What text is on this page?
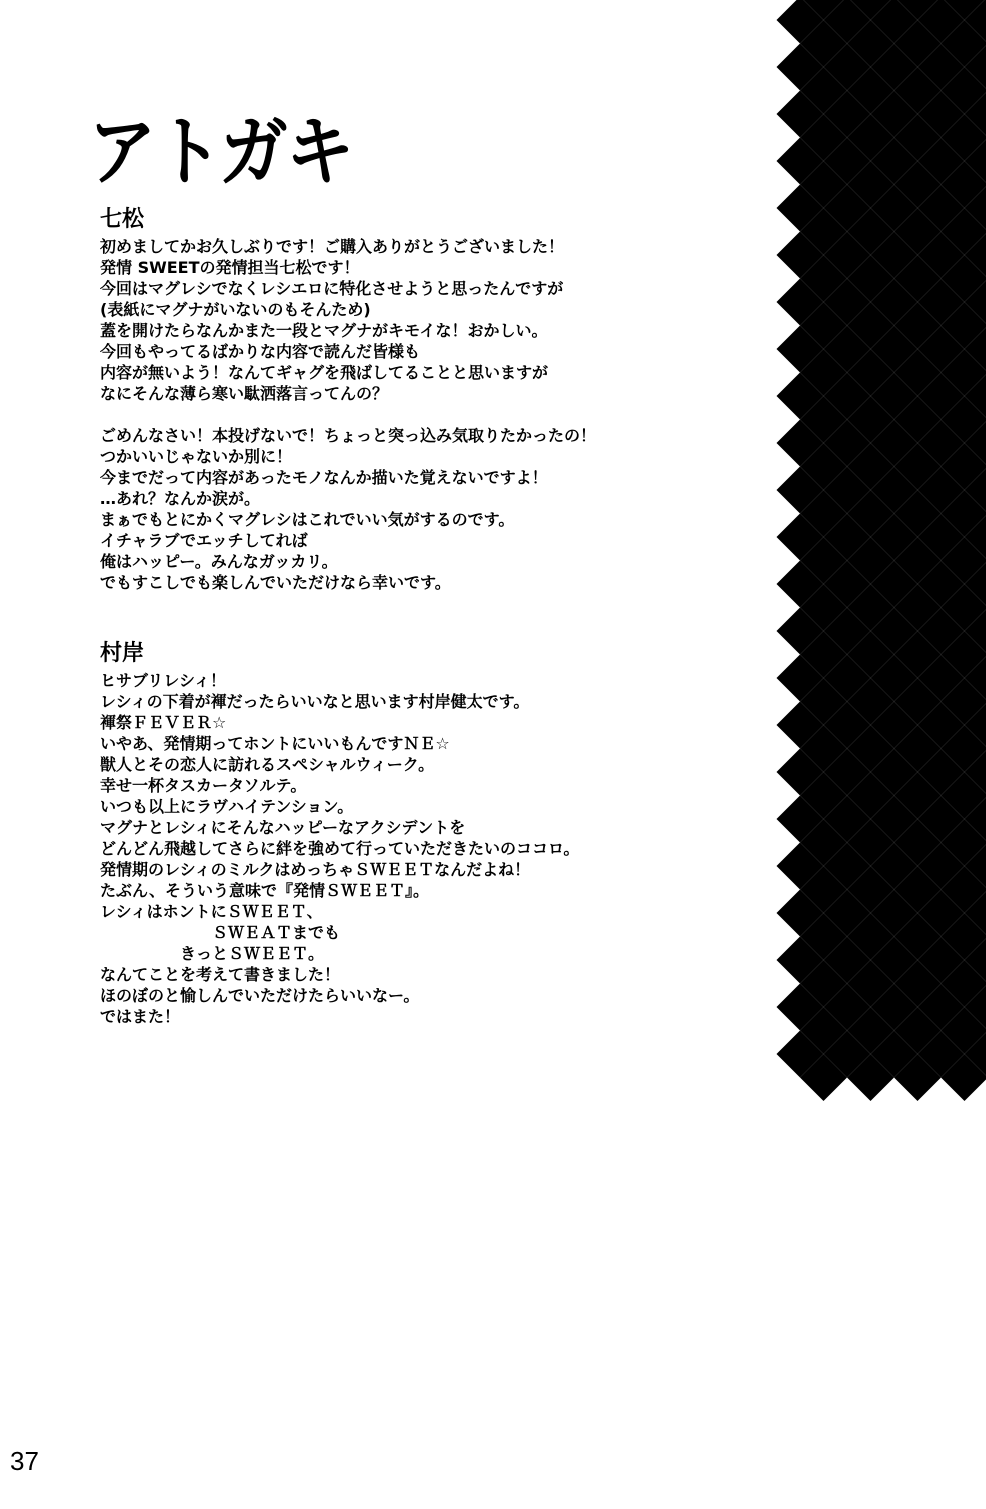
アトガキ
七松
初めましてかお久しぶりです！ご購入ありがとうございました！
発情 SWEETの発情担当七松です！
今回はマグレシでなくレシエロに特化させようと思ったんですが
(表紙にマグナがいないのもそんため)
蓋を開けたらなんかまた一段とマグナがキモイな！おかしい。
今回もやってるばかりな内容で読んだ皆様も
内容が無いよう！なんてギャグを飛ばしてることと思いますが
なにそんな薄ら寒い駄洒落言ってんの？
ごめんなさい！本投げないで！ちょっと突っ込み気取りたかったの！
つかいいじゃないか別に！
今までだって内容があったモノなんか描いた覚えないですよ！
…あれ？なんか涙が。
まぁでもとにかくマグレシはこれでいい気がするのです。
イチャラブでエッチしてれば
俺はハッピー。みんなガッカリ。
でもすこしでも楽しんでいただけなら幸いです。
村岸
ヒサブリレシィ！
レシィの下着が褌だったらいいなと思います村岸健太です。
褌祭ＦＥＶＥＲ☆
いやあ、発情期ってホントにいいもんですＮＥ☆
獣人とその恋人に訪れるスペシャルウィーク。
幸せ一杯タスカータソルテ。
いつも以上にラヴハイテンション。
マグナとレシィにそんなハッピーなアクシデントを
どんどん飛越してさらに絆を強めて行っていただきたいのココロ。
発情期のレシィのミルクはめっちゃＳＷＥＥＴなんだよね！
たぶん、そういう意味で『発情ＳＷＥＥＴ』。
レシィはホントにＳＷＥＥＴ、
　　　　　　　ＳＷＥＡＴまでも
　　　　　きっとＳＷＥＥＴ。
なんてことを考えて書きました！
ほのぼのと愉しんでいただけたらいいなー。
ではまた！
37
